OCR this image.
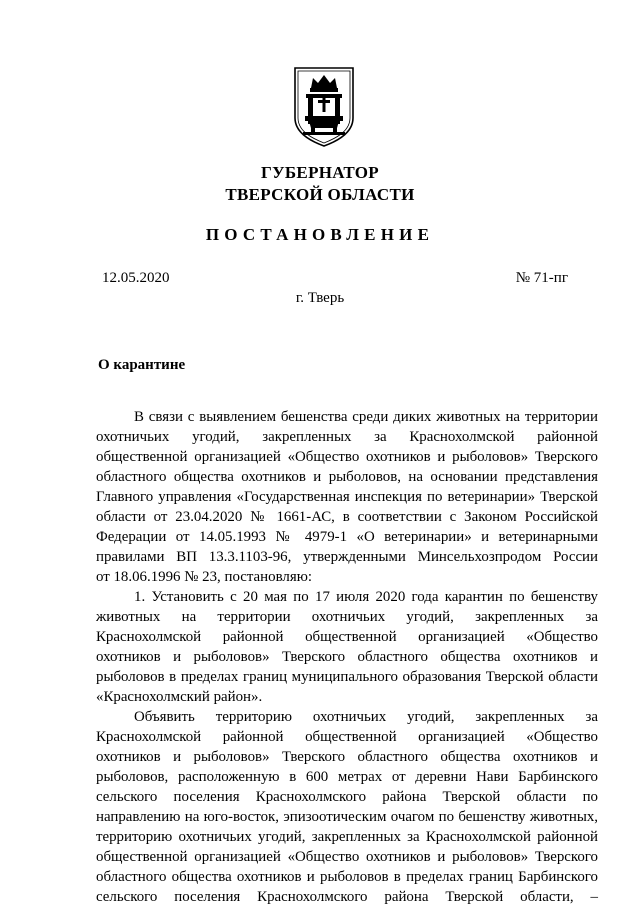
ГУБЕРНАТОР
ТВЕРСКОЙ ОБЛАСТИ
ПОСТАНОВЛЕНИЕ
12.05.2020	№ 71-пг
г. Тверь
О карантине
В связи с выявлением бешенства среди диких животных на территории
охотничьих угодий, закрепленных за Краснохолмской районной
общественной организацией «Общество охотников и рыболовов» Тверского
областного общества охотников и рыболовов, на основании представления
Главного управления «Государственная инспекция по ветеринарии» Тверской
области от 23.04.2020 № 1661-АС, в соответствии с Законом Российской
Федерации от 14.05.1993 № 4979-1 «О ветеринарии» и ветеринарными
правилами ВП 13.3.1103-96, утвержденными Минсельхозпродом России
от 18.06.1996 № 23, постановляю:
1. Установить с 20 мая по 17 июля 2020 года карантин по бешенству
животных на территории охотничьих угодий, закрепленных за
Краснохолмской районной общественной организацией «Общество
охотников и рыболовов» Тверского областного общества охотников и
рыболовов в пределах границ муниципального образования Тверской области
«Краснохолмский район».
Объявить территорию охотничьих угодий, закрепленных за
Краснохолмской районной общественной организацией «Общество
охотников и рыболовов» Тверского областного общества охотников и
рыболовов, расположенную в 600 метрах от деревни Нави Барбинского
сельского поселения Краснохолмского района Тверской области по
направлению на юго-восток, эпизоотическим очагом по бешенству животных,
территорию охотничьих угодий, закрепленных за Краснохолмской районной
общественной организацией «Общество охотников и рыболовов» Тверского
областного общества охотников и рыболовов в пределах границ Барбинского
сельского поселения Краснохолмского района Тверской области, –
